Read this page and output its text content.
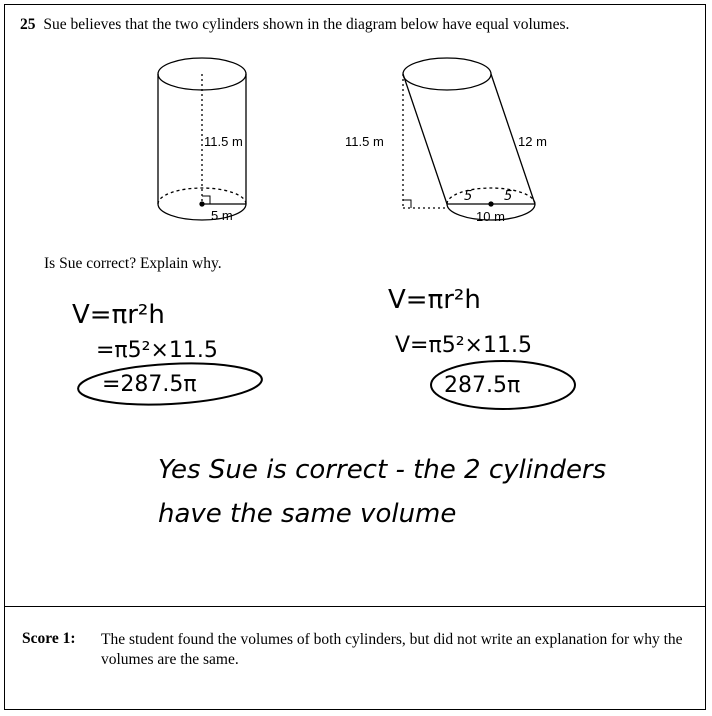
25 Sue believes that the two cylinders shown in the diagram below have equal volumes.
11.5 m
5 m
11.5 m	12 m
10 m
5 5
Is Sue correct? Explain why.
V=πr²h
=π5²×11.5
=287.5π
V=πr²h
V=π5²×11.5
287.5π
Yes Sue is correct - the 2 cylinders
have the same volume
Score 1: The student found the volumes of both cylinders, but did not write an explanation for why the volumes are the same.
